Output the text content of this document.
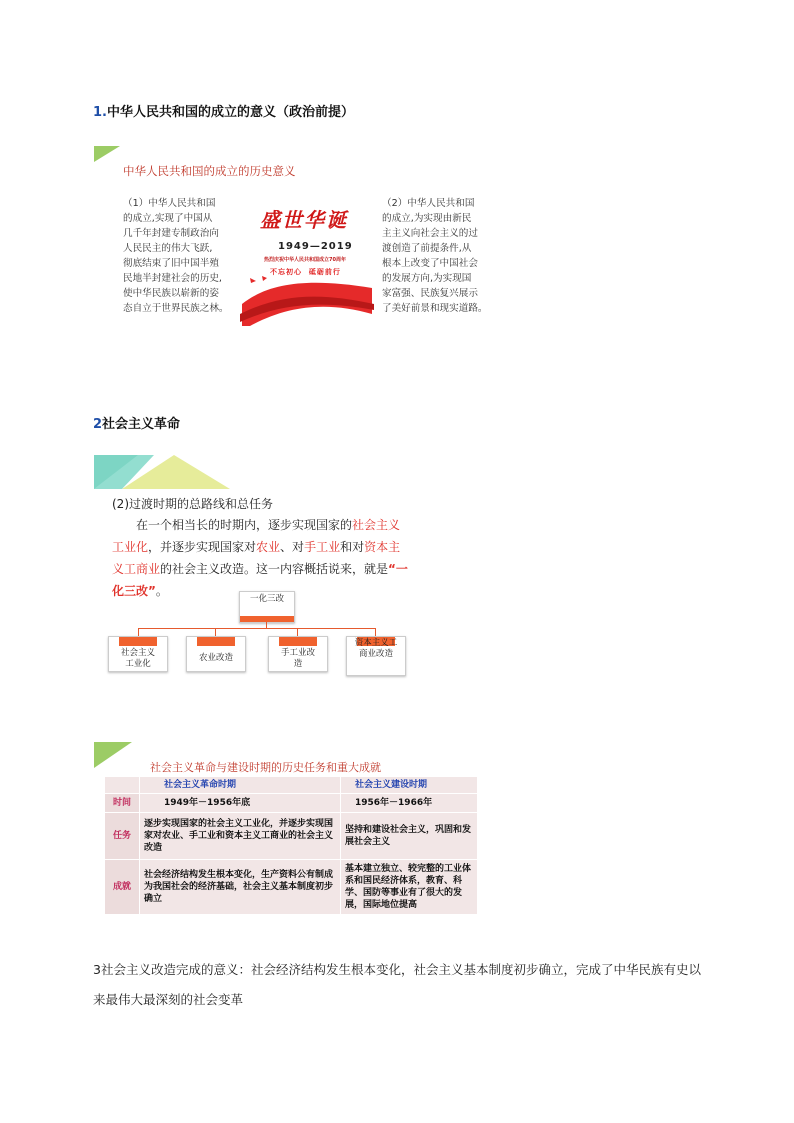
1.中华人民共和国的成立的意义（政治前提）
中华人民共和国的成立的历史意义
（1）中华人民共和国
的成立,实现了中国从
几千年封建专制政治向
人民民主的伟大飞跃,
彻底结束了旧中国半殖
民地半封建社会的历史,
使中华民族以崭新的姿
态自立于世界民族之林。
盛世华诞
1949—2019
热烈庆祝中华人民共和国成立70周年
不忘初心  砥砺前行
（2）中华人民共和国
的成立,为实现由新民
主主义向社会主义的过
渡创造了前提条件,从
根本上改变了中国社会
的发展方向,为实现国
家富强、民族复兴展示
了美好前景和现实道路。
2社会主义革命
(2)过渡时期的总路线和总任务
在一个相当长的时期内，逐步实现国家的社会主义工业化，并逐步实现国家对农业、对手工业和对资本主义工商业的社会主义改造。这一内容概括说来，就是“一化三改”。
一化三改
社会主义工业化
农业改造	手工业改造
资本主义工商业改造
社会主义革命与建设时期的历史任务和重大成就
	社会主义革命时期	社会主义建设时期
时间	1949年－1956年底	1956年－1966年
任务	逐步实现国家的社会主义工业化，并逐步实现国家对农业、手工业和资本主义工商业的社会主义改造	坚持和建设社会主义，巩固和发展社会主义
成就	社会经济结构发生根本变化，生产资料公有制成为我国社会的经济基础，社会主义基本制度初步确立	基本建立独立、较完整的工业体系和国民经济体系，教育、科学、国防等事业有了很大的发展，国际地位提高
3社会主义改造完成的意义：社会经济结构发生根本变化，社会主义基本制度初步确立，完成了中华民族有史以来最伟大最深刻的社会变革
